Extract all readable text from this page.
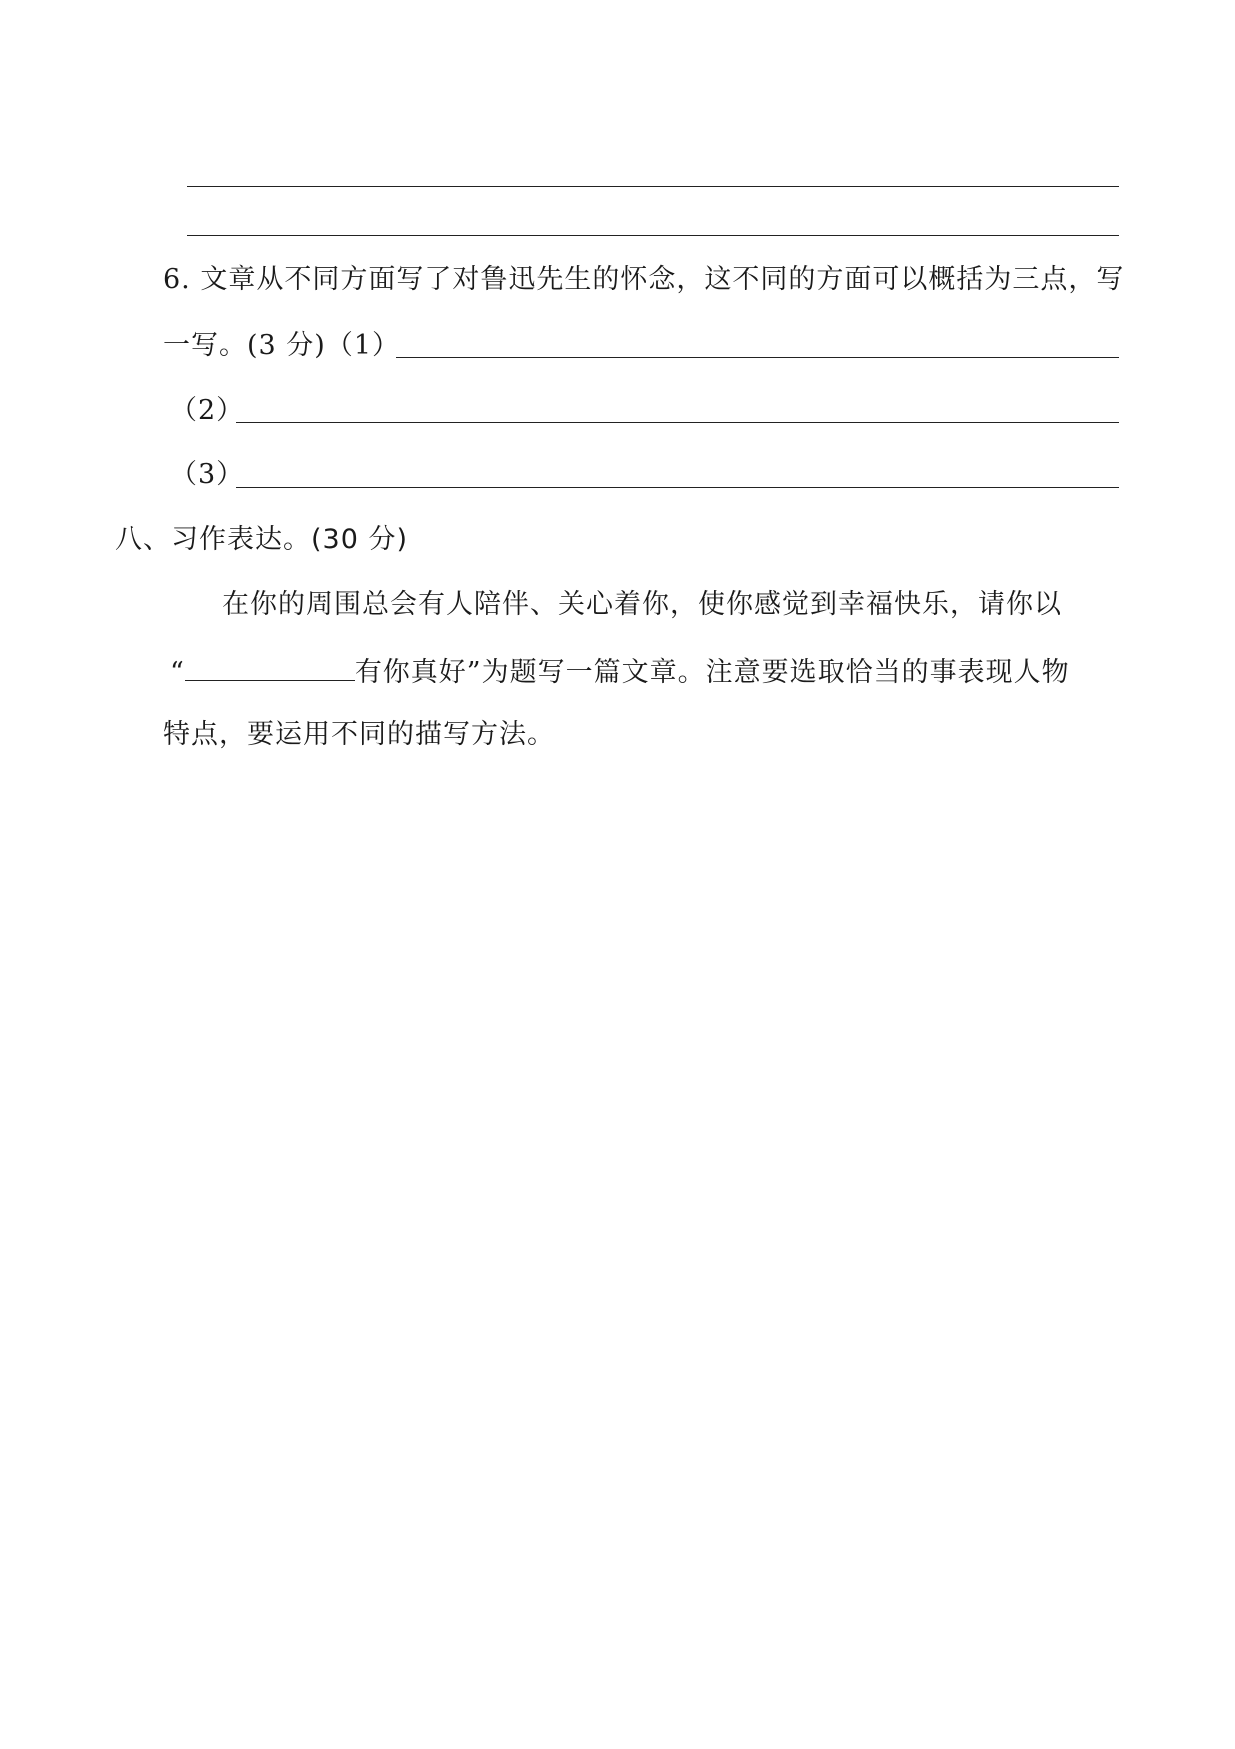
6. 文章从不同方面写了对鲁迅先生的怀念，这不同的方面可以概括为三点，写
一写。(3 分)（1）
（2）
（3）
八、习作表达。(30 分)
在你的周围总会有人陪伴、关心着你，使你感觉到幸福快乐，请你以
“	有你真好”为题写一篇文章。注意要选取恰当的事表现人物
特点，要运用不同的描写方法。
